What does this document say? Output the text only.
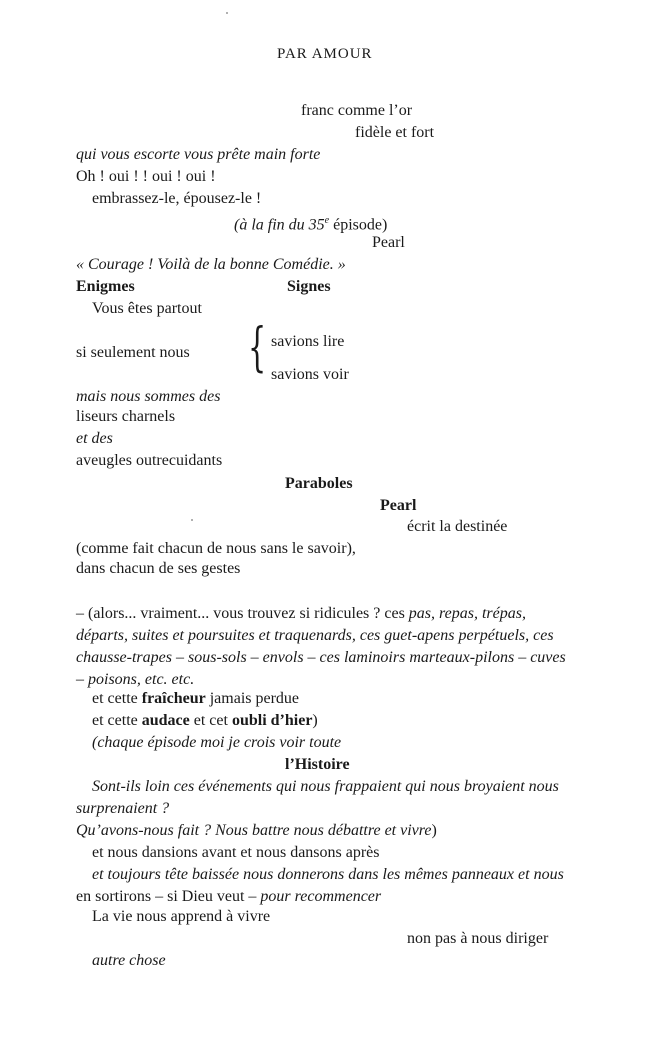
PAR AMOUR
franc comme l’or
fidèle et fort
qui vous escorte vous prête main forte
Oh ! oui ! ! oui ! oui !
embrassez-le, épousez-le !
(à la fin du 35e épisode)
Pearl
« Courage ! Voilà de la bonne Comédie. »
Enigmes	Signes
Vous êtes partout
si seulement nous { savions lire
savions voir
mais nous sommes des
liseurs charnels
et des
aveugles outrecuidants
Paraboles
Pearl
écrit la destinée
(comme fait chacun de nous sans le savoir),
dans chacun de ses gestes
– (alors... vraiment... vous trouvez si ridicules ? ces pas, repas, trépas,
départs, suites et poursuites et traquenards, ces guet-apens perpétuels, ces
chausse-trapes – sous-sols – envols – ces laminoirs marteaux-pilons – cuves
– poisons, etc. etc.
et cette fraîcheur jamais perdue
et cette audace et cet oubli d’hier)
(chaque épisode moi je crois voir toute
l’Histoire
Sont-ils loin ces événements qui nous frappaient qui nous broyaient nous
surprenaient ?
Qu’avons-nous fait ? Nous battre nous débattre et vivre)
et nous dansions avant et nous dansons après
et toujours tête baissée nous donnerons dans les mêmes panneaux et nous
en sortirons – si Dieu veut – pour recommencer
La vie nous apprend à vivre
non pas à nous diriger
autre chose
